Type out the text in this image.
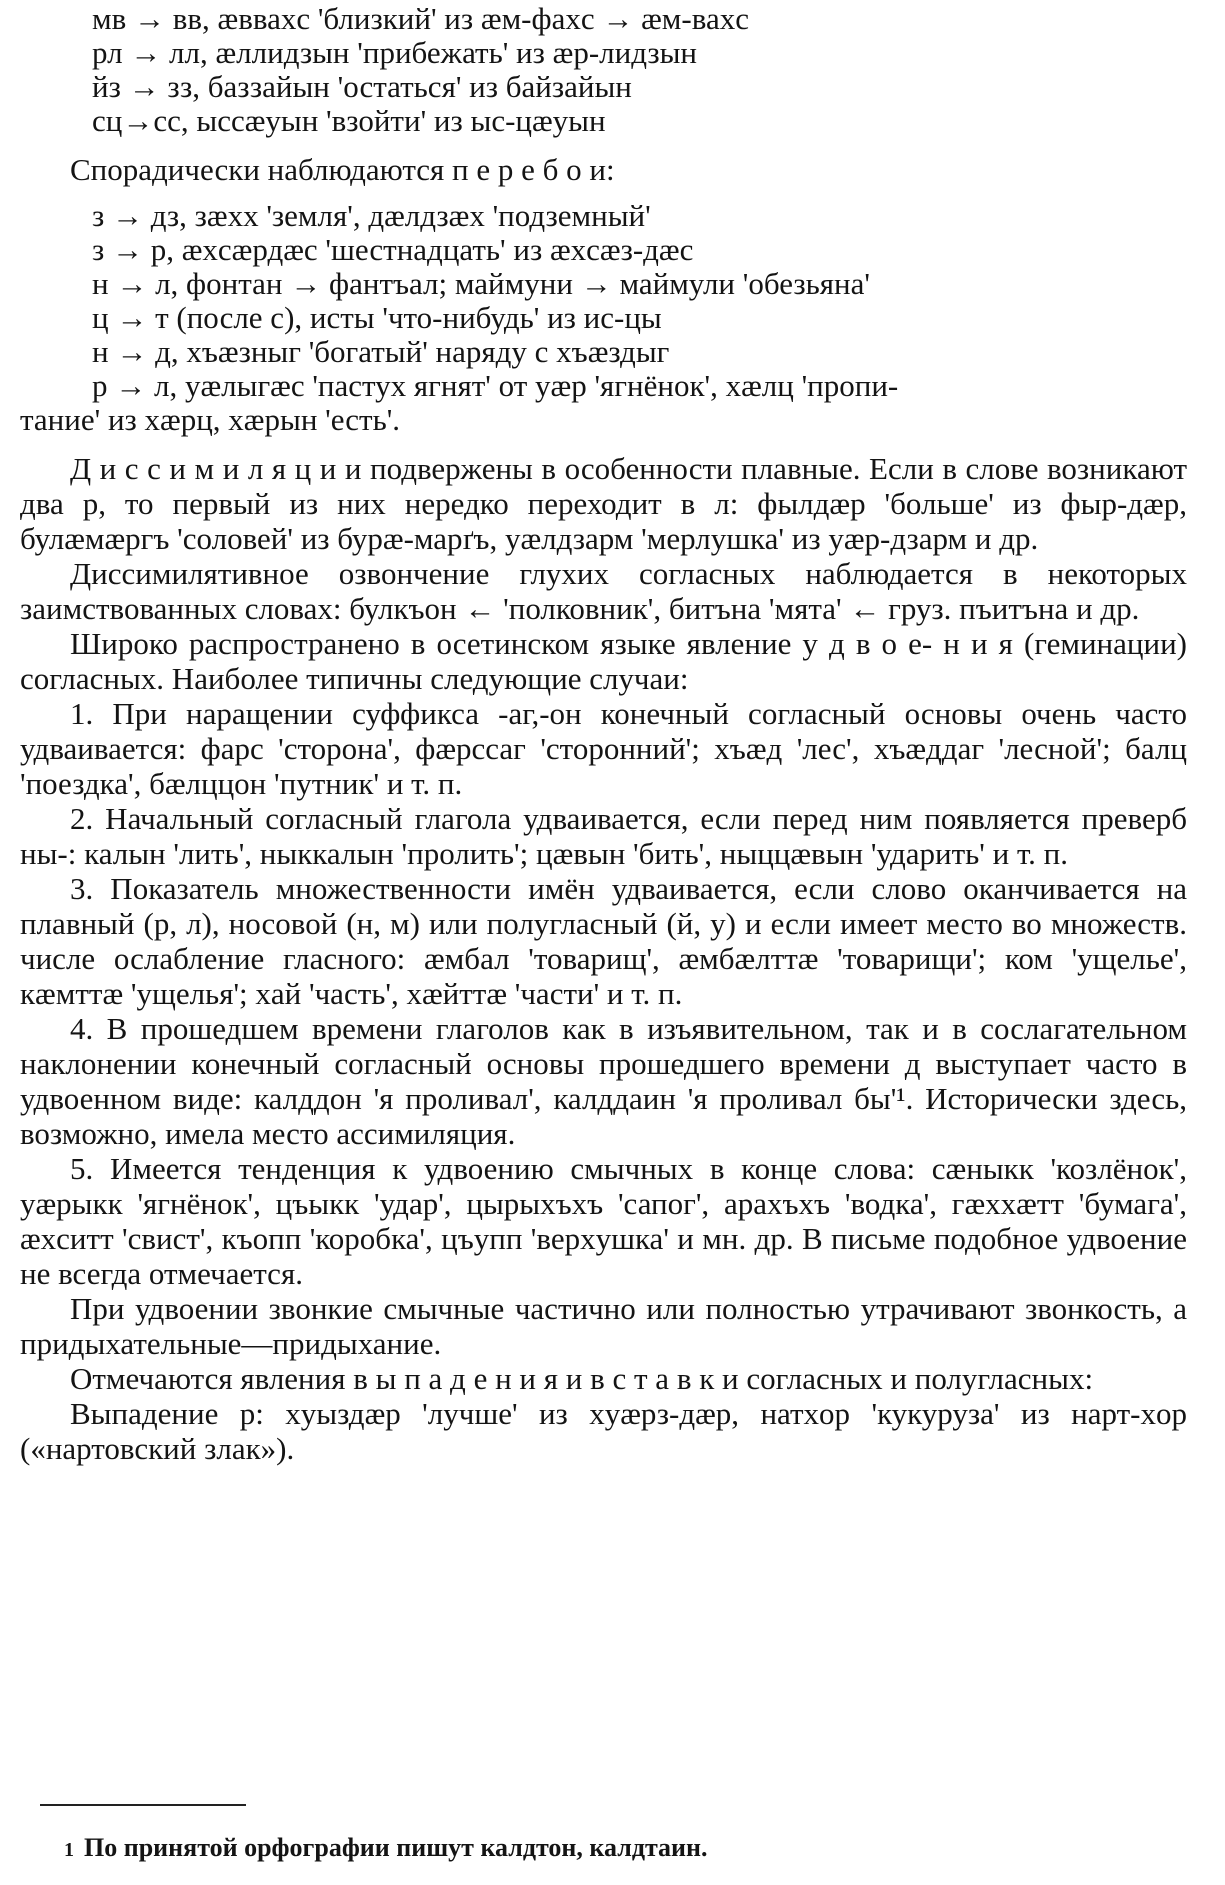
мв → вв, æвваxс 'близкий' из æм-фаxс → æм-ваxс

рл → лл, æллидзын 'прибежать' из æр-лидзын

йз → зз, баззайын 'остаться' из байзайын

сц→сс, ыссæуын 'взойти' из ыс-цæуын

Спорадически наблюдаются п е р е б о и:

з → дз, зæxx 'земля', дæлдзæx 'подземный'

з → р, æxсæрдæс 'шестнадцать' из æxсæз-дæс

н → л, фонтан → фантъал; маймуни → маймули 'обезьяна'

ц → т (после с), исты 'что-нибудь' из ис-цы

н → д, xъæзныг 'богатый' наряду с xъæздыг

р → л, уæлыгæс 'пастух ягнят' от уæр 'ягнёнок', xæлц 'пропи-

тание' из xæрц, xæрын 'есть'.

Д и с с и м и л я ц и и подвержены в особенности плавные. Если в слове возникают два р, то первый из них нередко переходит в л: фылдæр 'больше' из фыр-дæр, булæмæргъ 'соловей' из бурæ-марґъ, уæлдзарм 'мерлушка' из уæр-дзарм и др.

Диссимилятивное озвончение глухих согласных наблюдается в некоторых заимствованных словах: булкъон ← 'полковник', битъна 'мята' ← груз. пъитъна и др.

Широко распространено в осетинском языке явление у д в о е- н и я (геминации) согласных. Наиболее типичны следующие случаи:

1. При наращении суффикса -аг,-он конечный согласный основы очень часто удваивается: фарс 'сторона', фæрссаг 'сторонний'; xъæд 'лес', xъæддаг 'лесной'; балц 'поездка', бæлццон 'путник' и т. п.

2. Начальный согласный глагола удваивается, если перед ним появляется преверб ны-: калын 'лить', ныккалын 'пролить'; цæвын 'бить', ныццæвын 'ударить' и т. п.

3. Показатель множественности имён удваивается, если слово оканчивается на плавный (р, л), носовой (н, м) или полугласный (й, у) и если имеет место во множеств. числе ослабление гласного: æмбал 'товарищ', æмбæлттæ 'товарищи'; ком 'ущелье', кæмттæ 'ущелья'; xай 'часть', xæйттæ 'части' и т. п.

4. В прошедшем времени глаголов как в изъявительном, так и в сослагательном наклонении конечный согласный основы прошедшего времени д выступает часто в удвоенном виде: калддон 'я проливал', калддаин 'я проливал бы'¹. Исторически здесь, возможно, имела место ассимиляция.

5. Имеется тенденция к удвоению смычных в конце слова: сæныкк 'козлёнок', уæрыкк 'ягнёнок', цъыкк 'удар', цырыxъxъ 'сапог', араxъxъ 'водка', гæxxæтт 'бумага', æxситт 'свист', къопп 'коробка', цъупп 'верxушка' и мн. др. В письме подобное удвоение не всегда отмечается.

При удвоении звонкие смычные частично или полностью утрачивают звонкость, а придыхательные—придыхание.

Отмечаются явления в ы п а д е н и я и в с т а в к и согласных и полугласных:

Выпадение р: xуыздæр 'лучше' из xуæрз-дæр, натxор 'кукуруза' из нарт-xор («нартовский злак»).

1 По принятой орфографии пишут калдтон, калдтаин.
